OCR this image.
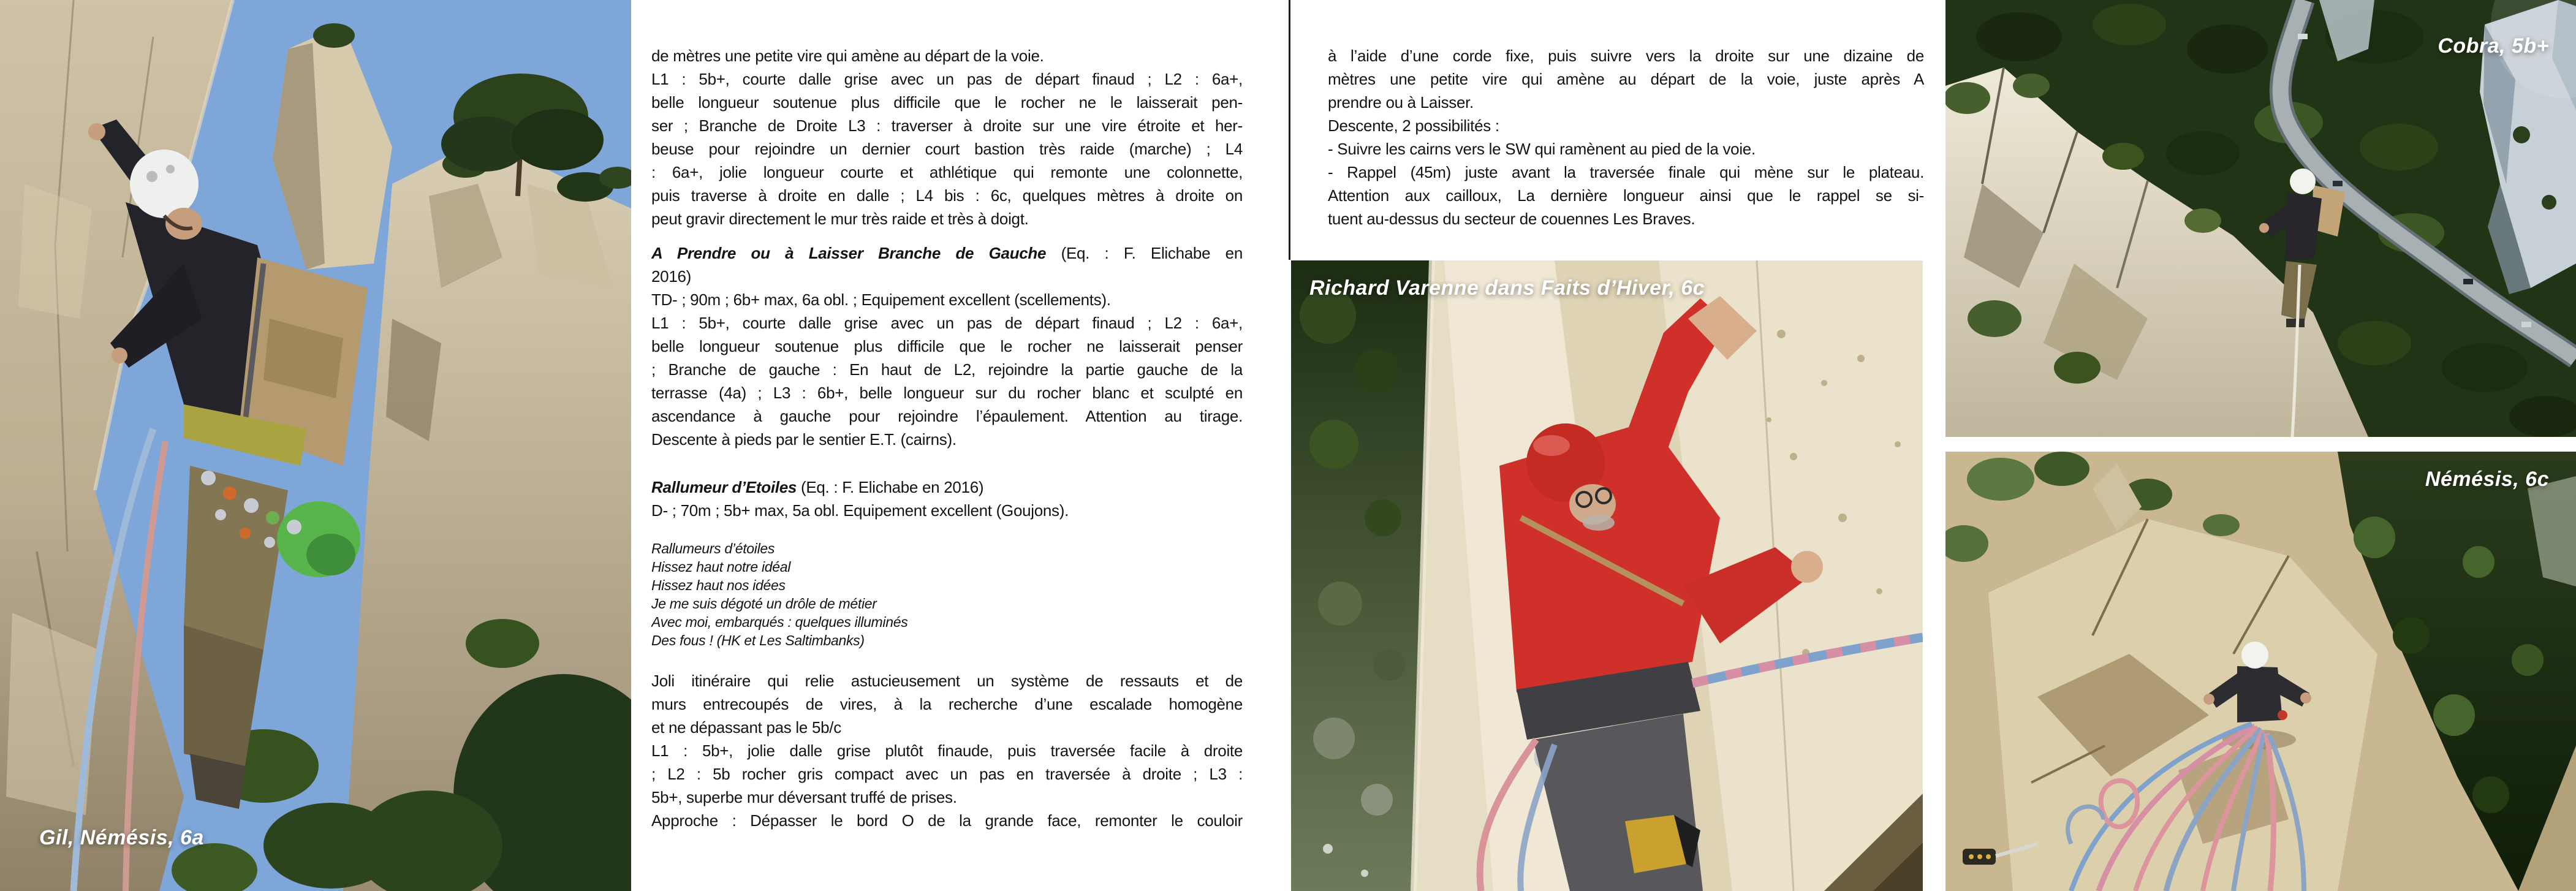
Gil, Némésis, 6a
de mètres une petite vire qui amène au départ de la voie.
L1 : 5b+, courte dalle grise avec un pas de départ finaud ; L2 : 6a+,
belle longueur soutenue plus difficile que le rocher ne le laisserait pen-
ser ; Branche de Droite L3 : traverser à droite sur une vire étroite et her-
beuse pour rejoindre un dernier court bastion très raide (marche) ; L4
: 6a+, jolie longueur courte et athlétique qui remonte une colonnette,
puis traverse à droite en dalle ; L4 bis : 6c, quelques mètres à droite on
peut gravir directement le mur très raide et très à doigt.
A Prendre ou à Laisser Branche de Gauche (Eq. : F. Elichabe en
2016)
TD- ; 90m ; 6b+ max, 6a obl. ; Equipement excellent (scellements).
L1 : 5b+, courte dalle grise avec un pas de départ finaud ; L2 : 6a+,
belle longueur soutenue plus difficile que le rocher ne laisserait penser
; Branche de gauche : En haut de L2, rejoindre la partie gauche de la
terrasse (4a) ; L3 : 6b+, belle longueur sur du rocher blanc et sculpté en
ascendance à gauche pour rejoindre l’épaulement. Attention au tirage.
Descente à pieds par le sentier E.T. (cairns).
Rallumeur d’Etoiles (Eq. : F. Elichabe en 2016)
D- ; 70m ; 5b+ max, 5a obl. Equipement excellent (Goujons).
Rallumeurs d’étoiles
Hissez haut notre idéal
Hissez haut nos idées
Je me suis dégoté un drôle de métier
Avec moi, embarqués : quelques illuminés
Des fous ! (HK et Les Saltimbanks)
Joli itinéraire qui relie astucieusement un système de ressauts et de
murs entrecoupés de vires, à la recherche d’une escalade homogène
et ne dépassant pas le 5b/c
L1 : 5b+, jolie dalle grise plutôt finaude, puis traversée facile à droite
; L2 : 5b rocher gris compact avec un pas en traversée à droite ; L3 :
5b+, superbe mur déversant truffé de prises.
Approche : Dépasser le bord O de la grande face, remonter le couloir
à l’aide d’une corde fixe, puis suivre vers la droite sur une dizaine de
mètres une petite vire qui amène au départ de la voie, juste après A
prendre ou à Laisser.
Descente, 2 possibilités :
- Suivre les cairns vers le SW qui ramènent au pied de la voie.
- Rappel (45m) juste avant la traversée finale qui mène sur le plateau.
Attention aux cailloux, La dernière longueur ainsi que le rappel se si-
tuent au-dessus du secteur de couennes Les Braves.
Richard Varenne dans Faits d’Hiver, 6c
Cobra, 5b+
Némésis, 6c
